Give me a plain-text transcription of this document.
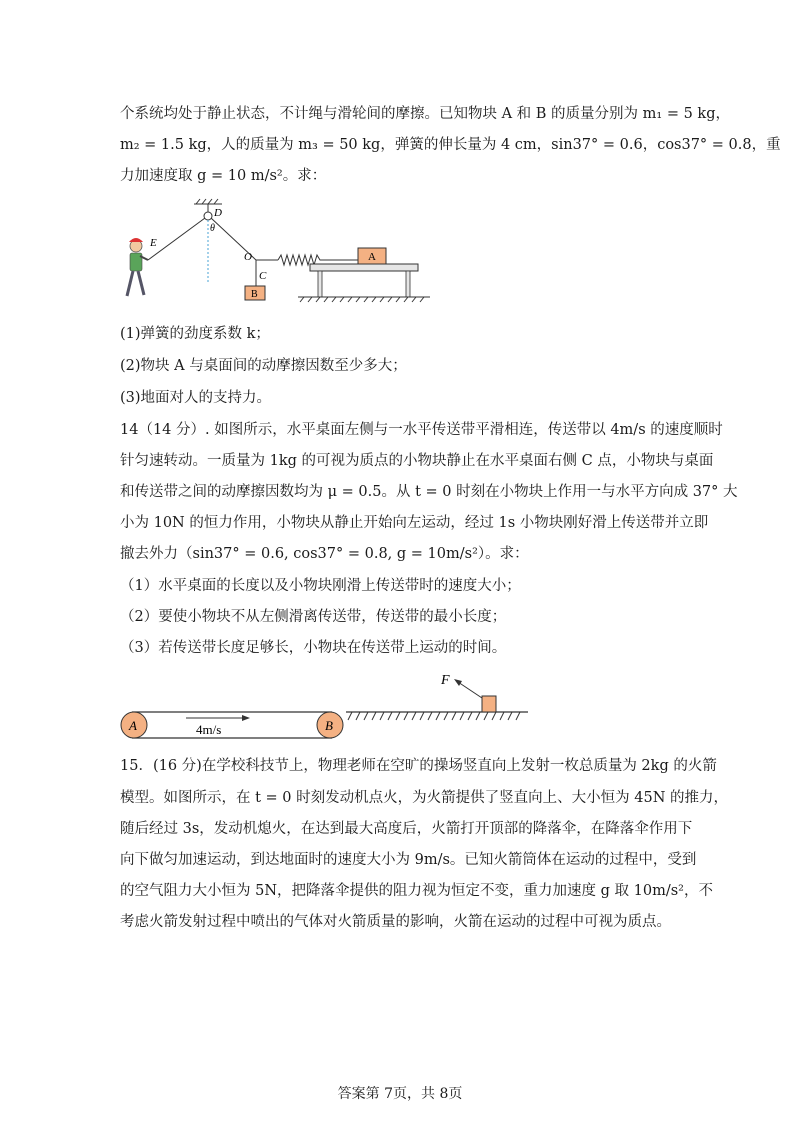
个系统均处于静止状态，不计绳与滑轮间的摩擦。已知物块 A 和 B 的质量分别为 m₁ = 5 kg，
m₂ = 1.5 kg，人的质量为 m₃ = 50 kg，弹簧的伸长量为 4 cm，sin37° = 0.6，cos37° = 0.8，重
力加速度取 g = 10 m/s²。求：
D
θ
E
O
C
B
A
(1)弹簧的劲度系数 k；
(2)物块 A 与桌面间的动摩擦因数至少多大；
(3)地面对人的支持力。
14（14 分）. 如图所示，水平桌面左侧与一水平传送带平滑相连，传送带以 4m/s 的速度顺时
针匀速转动。一质量为 1kg 的可视为质点的小物块静止在水平桌面右侧 C 点，小物块与桌面
和传送带之间的动摩擦因数均为 μ = 0.5。从 t = 0 时刻在小物块上作用一与水平方向成 37° 大
小为 10N 的恒力作用，小物块从静止开始向左运动，经过 1s 小物块刚好滑上传送带并立即
撤去外力（sin37° = 0.6, cos37° = 0.8, g = 10m/s²）。求：
（1）水平桌面的长度以及小物块刚滑上传送带时的速度大小；
（2）要使小物块不从左侧滑离传送带，传送带的最小长度；
（3）若传送带长度足够长，小物块在传送带上运动的时间。
A	B
4m/s
F
15．(16 分)在学校科技节上，物理老师在空旷的操场竖直向上发射一枚总质量为 2kg 的火箭
模型。如图所示，在 t = 0 时刻发动机点火，为火箭提供了竖直向上、大小恒为 45N 的推力，
随后经过 3s，发动机熄火，在达到最大高度后，火箭打开顶部的降落伞，在降落伞作用下
向下做匀加速运动，到达地面时的速度大小为 9m/s。已知火箭筒体在运动的过程中，受到
的空气阻力大小恒为 5N，把降落伞提供的阻力视为恒定不变，重力加速度 g 取 10m/s²，不
考虑火箭发射过程中喷出的气体对火箭质量的影响，火箭在运动的过程中可视为质点。
答案第 7页，共 8页
